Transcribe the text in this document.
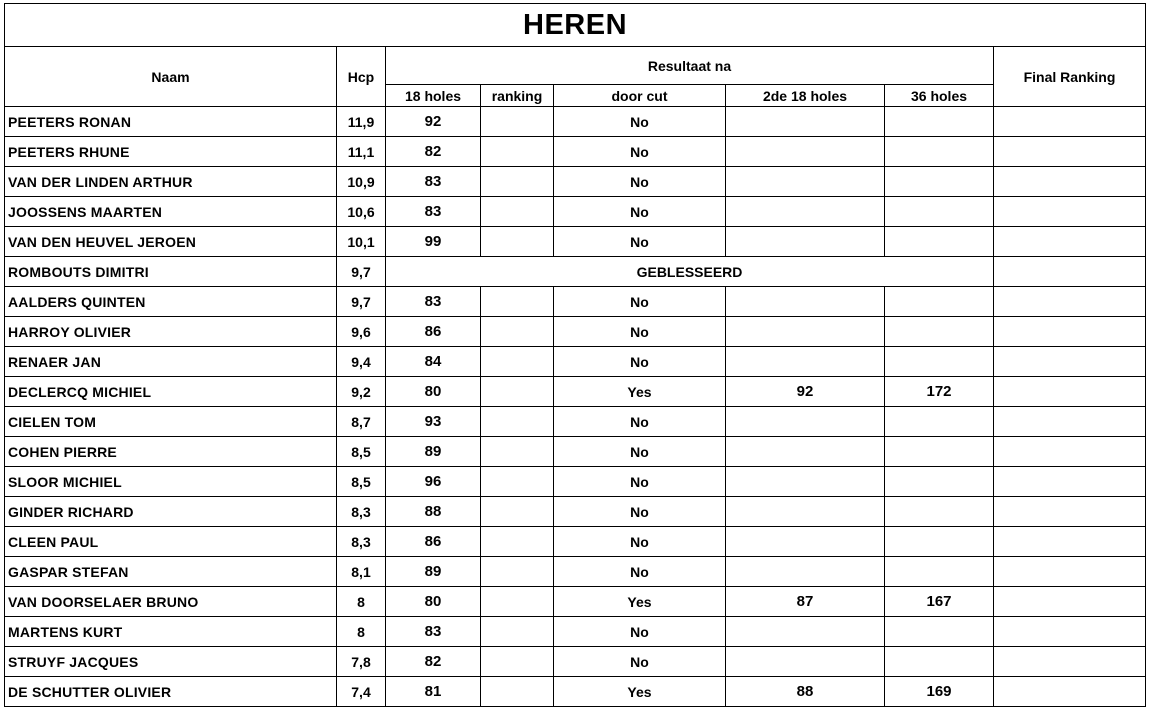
HEREN							
Naam	Hcp	Resultaat na					Final Ranking
		18 holes	ranking	door cut	2de 18 holes	36 holes	
PEETERS RONAN	11,9	92		No			
PEETERS RHUNE	11,1	82		No			
VAN DER LINDEN ARTHUR	10,9	83		No			
JOOSSENS MAARTEN	10,6	83		No			
VAN DEN HEUVEL JEROEN	10,1	99		No			
ROMBOUTS DIMITRI	9,7	GEBLESSEERD					
AALDERS QUINTEN	9,7	83		No			
HARROY OLIVIER	9,6	86		No			
RENAER JAN	9,4	84		No			
DECLERCQ MICHIEL	9,2	80		Yes	92	172	
CIELEN TOM	8,7	93		No			
COHEN PIERRE	8,5	89		No			
SLOOR MICHIEL	8,5	96		No			
GINDER RICHARD	8,3	88		No			
CLEEN PAUL	8,3	86		No			
GASPAR STEFAN	8,1	89		No			
VAN DOORSELAER BRUNO	8	80		Yes	87	167	
MARTENS KURT	8	83		No			
STRUYF JACQUES	7,8	82		No			
DE SCHUTTER OLIVIER	7,4	81		Yes	88	169	
